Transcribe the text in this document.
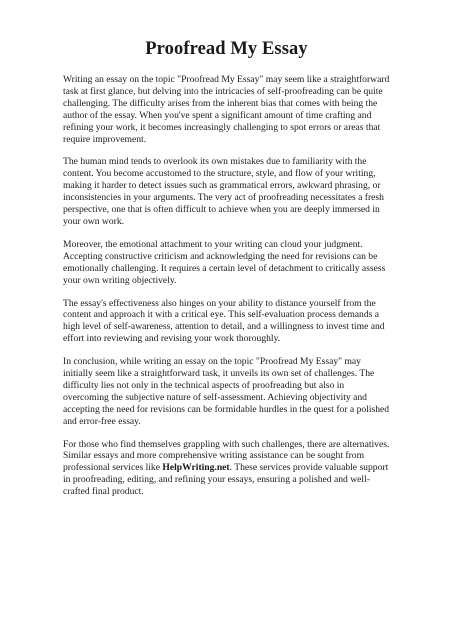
Proofread My Essay

Writing an essay on the topic "Proofread My Essay" may seem like a straightforward task at first glance, but delving into the intricacies of self-proofreading can be quite challenging. The difficulty arises from the inherent bias that comes with being the author of the essay. When you've spent a significant amount of time crafting and refining your work, it becomes increasingly challenging to spot errors or areas that require improvement.

The human mind tends to overlook its own mistakes due to familiarity with the content. You become accustomed to the structure, style, and flow of your writing, making it harder to detect issues such as grammatical errors, awkward phrasing, or inconsistencies in your arguments. The very act of proofreading necessitates a fresh perspective, one that is often difficult to achieve when you are deeply immersed in your own work.

Moreover, the emotional attachment to your writing can cloud your judgment. Accepting constructive criticism and acknowledging the need for revisions can be emotionally challenging. It requires a certain level of detachment to critically assess your own writing objectively.

The essay's effectiveness also hinges on your ability to distance yourself from the content and approach it with a critical eye. This self-evaluation process demands a high level of self-awareness, attention to detail, and a willingness to invest time and effort into reviewing and revising your work thoroughly.

In conclusion, while writing an essay on the topic "Proofread My Essay" may initially seem like a straightforward task, it unveils its own set of challenges. The difficulty lies not only in the technical aspects of proofreading but also in overcoming the subjective nature of self-assessment. Achieving objectivity and accepting the need for revisions can be formidable hurdles in the quest for a polished and error-free essay.

For those who find themselves grappling with such challenges, there are alternatives. Similar essays and more comprehensive writing assistance can be sought from professional services like HelpWriting.net. These services provide valuable support in proofreading, editing, and refining your essays, ensuring a polished and well-crafted final product.
